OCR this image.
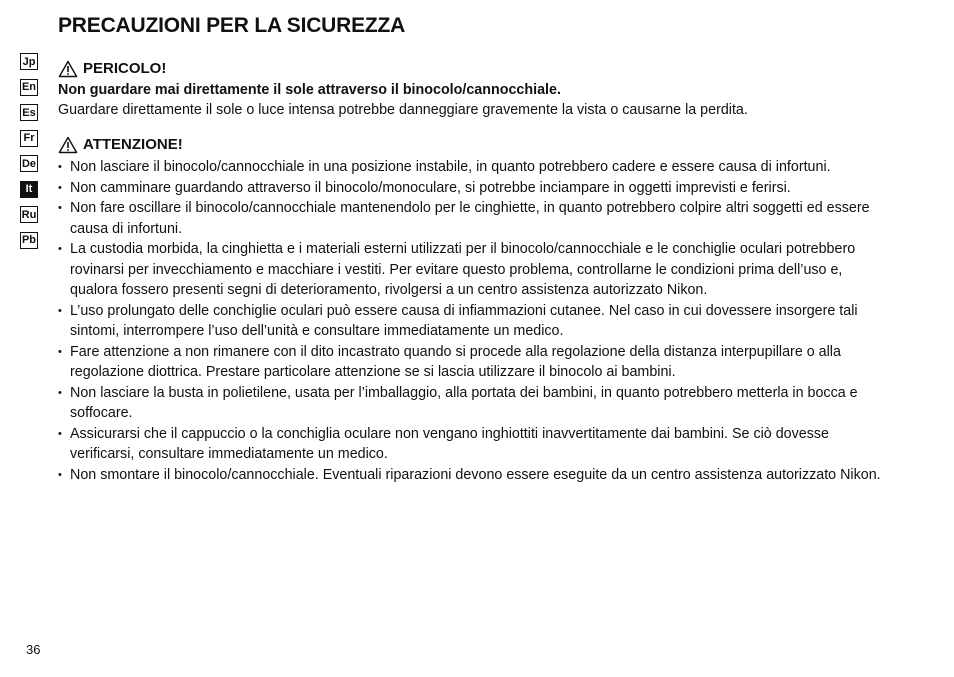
PRECAUZIONI PER LA SICUREZZA
Jp
En
Es
Fr
De
It
Ru
Pb
PERICOLO!
Non guardare mai direttamente il sole attraverso il binocolo/cannocchiale.
Guardare direttamente il sole o luce intensa potrebbe danneggiare gravemente la vista o causarne la perdita.
ATTENZIONE!
• Non lasciare il binocolo/cannocchiale in una posizione instabile, in quanto potrebbero cadere e essere causa di infortuni.
• Non camminare guardando attraverso il binocolo/monoculare, si potrebbe inciampare in oggetti imprevisti e ferirsi.
• Non fare oscillare il binocolo/cannocchiale mantenendolo per le cinghiette, in quanto potrebbero colpire altri soggetti ed essere causa di infortuni.
• La custodia morbida, la cinghietta e i materiali esterni utilizzati per il binocolo/cannocchiale e le conchiglie oculari potrebbero rovinarsi per invecchiamento e macchiare i vestiti. Per evitare questo problema, controllarne le condizioni prima dell’uso e, qualora fossero presenti segni di deterioramento, rivolgersi a un centro assistenza autorizzato Nikon.
• L’uso prolungato delle conchiglie oculari può essere causa di infiammazioni cutanee. Nel caso in cui dovessere insorgere tali sintomi, interrompere l’uso dell’unità e consultare immediatamente un medico.
• Fare attenzione a non rimanere con il dito incastrato quando si procede alla regolazione della distanza interpupillare o alla regolazione diottrica. Prestare particolare attenzione se si lascia utilizzare il binocolo ai bambini.
• Non lasciare la busta in polietilene, usata per l’imballaggio, alla portata dei bambini, in quanto potrebbero metterla in bocca e soffocare.
• Assicurarsi che il cappuccio o la conchiglia oculare non vengano inghiottiti inavvertitamente dai bambini. Se ciò dovesse verificarsi, consultare immediatamente un medico.
• Non smontare il binocolo/cannocchiale. Eventuali riparazioni devono essere eseguite da un centro assistenza autorizzato Nikon.
36
